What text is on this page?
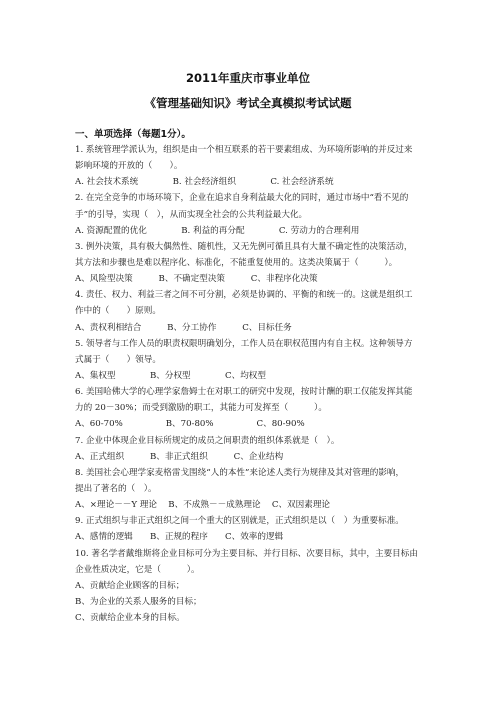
2011年重庆市事业单位
《管理基础知识》考试全真模拟考试试题
一、单项选择（每题1分）。
1. 系统管理学派认为，组织是由一个相互联系的若干要素组成、为环境所影响的并反过来
影响环境的开放的（　　）。
A. 社会技术系统　　　　B. 社会经济组织　　　　C. 社会经济系统
2. 在完全竞争的市场环境下，企业在追求自身利益最大化的同时，通过市场中“看不见的
手”的引导，实现（　），从而实现全社会的公共利益最大化。
A. 资源配置的优化　　　　B. 利益的再分配　　　　C. 劳动力的合理利用
3. 例外决策，具有极大偶然性、随机性，又无先例可循且具有大量不确定性的决策活动，
其方法和步骤也是难以程序化、标准化，不能重复使用的。这类决策属于（　　　）。
A、风险型决策　　　B、不确定型决策　　　C、非程序化决策
4. 责任、权力、利益三者之间不可分割，必须是协调的、平衡的和统一的。这就是组织工
作中的（　　）原则。
A、责权利相结合　　　B、分工协作　　　C、目标任务
5. 领导者与工作人员的职责权限明确划分，工作人员在职权范围内有自主权。这种领导方
式属于（　　）领导。
A、集权型　　　　B、分权型　　　　C、均权型
6. 美国哈佛大学的心理学家詹姆士在对职工的研究中发现，按时计酬的职工仅能发挥其能
力的 20－30%；而受到激励的职工，其能力可发挥至（　　　）。
A、60-70%　　　　　B、70-80%　　　　　C、80-90%
7. 企业中体现企业目标所规定的成员之间职责的组织体系就是（　）。
A、正式组织　　　B、非正式组织　　　C、企业结构
8. 美国社会心理学家麦格雷戈围绕“人的本性”来论述人类行为规律及其对管理的影响，
提出了著名的（　）。
A、×理论－－Y 理论　 B、不成熟－－成熟理论　 C、双因素理论
9. 正式组织与非正式组织之间一个重大的区别就是，正式组织是以（　）为重要标准。
A、感情的逻辑　　B、正规的程序　　C、效率的逻辑
10. 著名学者戴维斯将企业目标可分为主要目标、并行目标、次要目标，其中，主要目标由
企业性质决定，它是（　　　）。
A、贡献给企业顾客的目标；
B、为企业的关系人服务的目标；
C、贡献给企业本身的目标。
